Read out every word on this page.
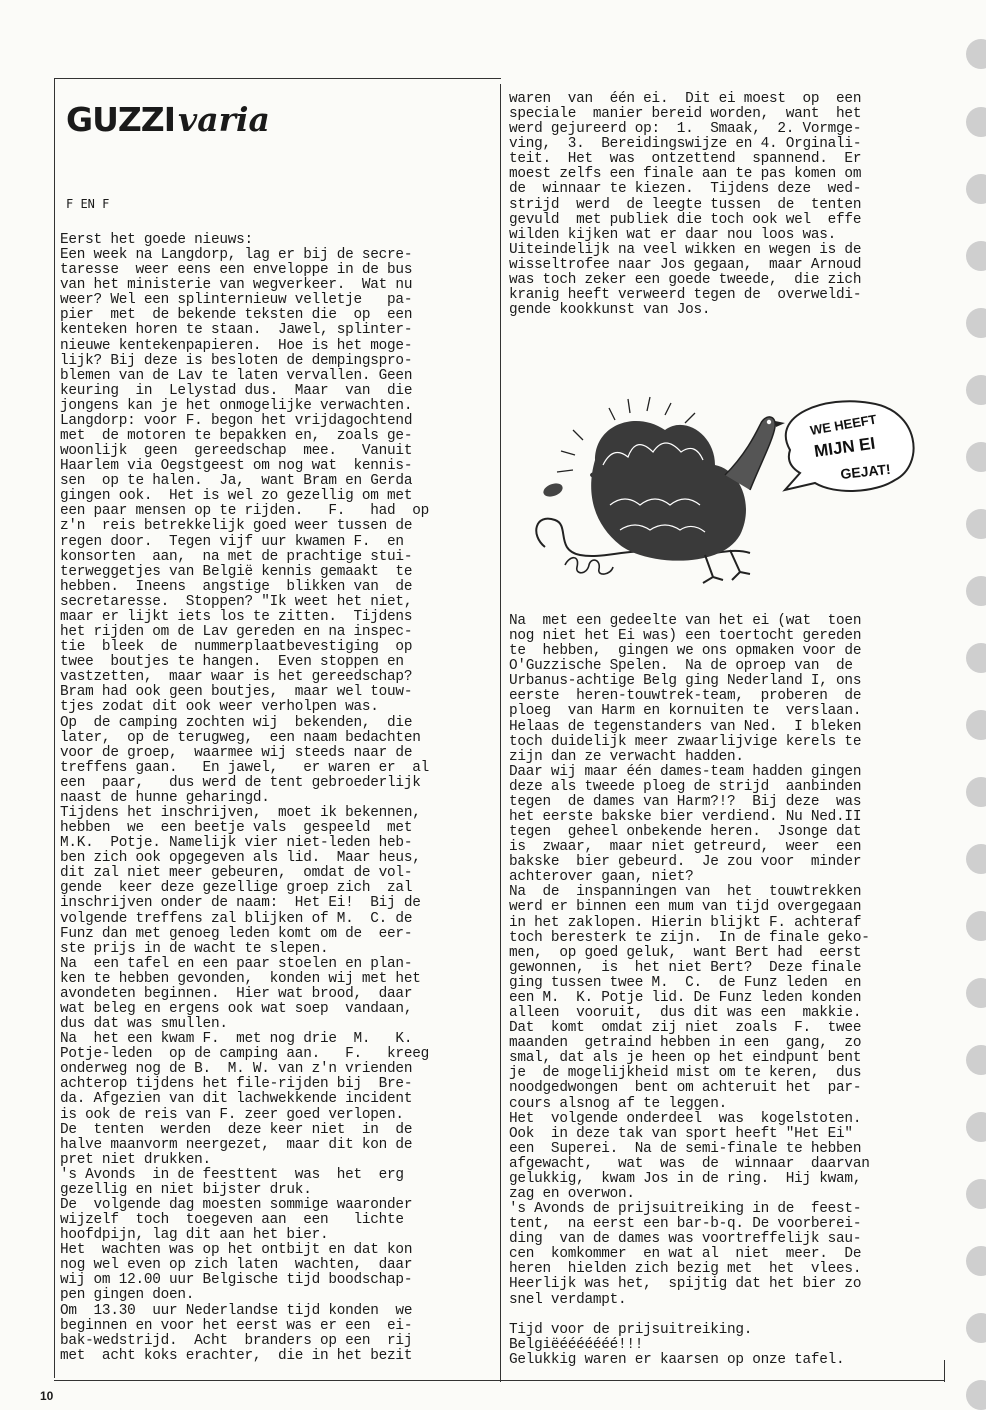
GUZZIvaria
F EN F
Eerst het goede nieuws:
Een week na Langdorp, lag er bij de secre-
taresse  weer eens een enveloppe in de bus
van het ministerie van wegverkeer.  Wat nu
weer? Wel een splinternieuw velletje   pa-
pier  met  de bekende teksten die  op  een
kenteken horen te staan.  Jawel, splinter-
nieuwe kentekenpapieren.  Hoe is het moge-
lijk? Bij deze is besloten de dempingspro-
blemen van de Lav te laten vervallen. Geen
keuring  in  Lelystad dus.  Maar  van  die
jongens kan je het onmogelijke verwachten.
Langdorp: voor F. begon het vrijdagochtend
met  de motoren te bepakken en,  zoals ge-
woonlijk  geen  gereedschap  mee.   Vanuit
Haarlem via Oegstgeest om nog wat  kennis-
sen  op te halen.  Ja,  want Bram en Gerda
gingen ook.  Het is wel zo gezellig om met
een paar mensen op te rijden.   F.   had  op
z'n  reis betrekkelijk goed weer tussen de
regen door.  Tegen vijf uur kwamen F.  en
konsorten  aan,  na met de prachtige stui-
terweggetjes van België kennis gemaakt  te
hebben.  Ineens  angstige  blikken van  de
secretaresse.  Stoppen? "Ik weet het niet,
maar er lijkt iets los te zitten.  Tijdens
het rijden om de Lav gereden en na inspec-
tie  bleek  de  nummerplaatbevestiging  op
twee  boutjes te hangen.  Even stoppen en
vastzetten,  maar waar is het gereedschap?
Bram had ook geen boutjes,  maar wel touw-
tjes zodat dit ook weer verholpen was.
Op  de camping zochten wij  bekenden,  die
later,  op de terugweg,  een naam bedachten
voor de groep,  waarmee wij steeds naar de
treffens gaan.   En jawel,   er waren er  al
een  paar,   dus werd de tent gebroederlijk
naast de hunne geharingd.
Tijdens het inschrijven,  moet ik bekennen,
hebben  we  een beetje vals  gespeeld  met
M.K.  Potje. Namelijk vier niet-leden heb-
ben zich ook opgegeven als lid.  Maar heus,
dit zal niet meer gebeuren,  omdat de vol-
gende  keer deze gezellige groep zich  zal
inschrijven onder de naam:  Het Ei!  Bij de
volgende treffens zal blijken of M.  C. de
Funz dan met genoeg leden komt om de  eer-
ste prijs in de wacht te slepen.
Na  een tafel en een paar stoelen en plan-
ken te hebben gevonden,  konden wij met het
avondeten beginnen.  Hier wat brood,  daar
wat beleg en ergens ook wat soep  vandaan,
dus dat was smullen.
Na  het een kwam F.  met nog drie  M.   K.
Potje-leden  op de camping aan.   F.   kreeg
onderweg nog de B.  M. W. van z'n vrienden
achterop tijdens het file-rijden bij  Bre-
da. Afgezien van dit lachwekkende incident
is ook de reis van F. zeer goed verlopen.
De  tenten  werden  deze keer niet  in  de
halve maanvorm neergezet,  maar dit kon de
pret niet drukken.
's Avonds  in de feesttent  was  het  erg
gezellig en niet bijster druk.
De  volgende dag moesten sommige waaronder
wijzelf  toch  toegeven aan  een   lichte
hoofdpijn, lag dit aan het bier.
Het  wachten was op het ontbijt en dat kon
nog wel even op zich laten  wachten,  daar
wij om 12.00 uur Belgische tijd boodschap-
pen gingen doen.
Om  13.30  uur Nederlandse tijd konden  we
beginnen en voor het eerst was er een  ei-
bak-wedstrijd.  Acht  branders op een  rij
met  acht koks erachter,  die in het bezit
waren  van  één ei.  Dit ei moest  op  een
speciale  manier bereid worden,  want  het
werd gejureerd op:  1.  Smaak,  2. Vormge-
ving,  3.  Bereidingswijze en 4. Orginali-
teit.  Het  was  ontzettend  spannend.  Er
moest zelfs een finale aan te pas komen om
de  winnaar te kiezen.  Tijdens deze  wed-
strijd  werd  de leegte tussen  de  tenten
gevuld  met publiek die toch ook wel  effe
wilden kijken wat er daar nou loos was.
Uiteindelijk na veel wikken en wegen is de
wisseltrofee naar Jos gegaan,  maar Arnoud
was toch zeker een goede tweede,  die zich
kranig heeft verweerd tegen de  overweldi-
gende kookkunst van Jos.
WE HEEFT
MIJN EI
GEJAT!
Na  met een gedeelte van het ei (wat  toen
nog niet het Ei was) een toertocht gereden
te  hebben,  gingen we ons opmaken voor de
O'Guzzische Spelen.  Na de oproep van  de
Urbanus-achtige Belg ging Nederland I, ons
eerste  heren-touwtrek-team,  proberen  de
ploeg  van Harm en kornuiten te  verslaan.
Helaas de tegenstanders van Ned.  I bleken
toch duidelijk meer zwaarlijvige kerels te
zijn dan ze verwacht hadden.
Daar wij maar één dames-team hadden gingen
deze als tweede ploeg de strijd  aanbinden
tegen  de dames van Harm?!?  Bij deze  was
het eerste bakske bier verdiend. Nu Ned.II
tegen  geheel onbekende heren.  Jsonge dat
is  zwaar,  maar niet getreurd,  weer  een
bakske  bier gebeurd.  Je zou voor  minder
achterover gaan, niet?
Na  de  inspanningen van  het  touwtrekken
werd er binnen een mum van tijd overgegaan
in het zaklopen. Hierin blijkt F. achteraf
toch beresterk te zijn.  In de finale geko-
men,  op goed geluk,  want Bert had  eerst
gewonnen,  is  het niet Bert?  Deze finale
ging tussen twee M.  C.  de Funz leden  en
een M.  K. Potje lid. De Funz leden konden
alleen  vooruit,  dus dit was een  makkie.
Dat  komt  omdat zij niet  zoals  F.  twee
maanden  getraind hebben in een  gang,  zo
smal, dat als je heen op het eindpunt bent
je  de mogelijkheid mist om te keren,  dus
noodgedwongen  bent om achteruit het  par-
cours alsnog af te leggen.
Het  volgende onderdeel  was  kogelstoten.
Ook  in deze tak van sport heeft "Het Ei"
een  Superei.  Na de semi-finale te hebben
afgewacht,   wat  was  de  winnaar  daarvan
gelukkig,  kwam Jos in de ring.  Hij kwam,
zag en overwon.
's Avonds de prijsuitreiking in de  feest-
tent,  na eerst een bar-b-q. De voorberei-
ding  van de dames was voortreffelijk sau-
cen  komkommer  en wat al  niet  meer.  De
heren  hielden zich bezig met  het  vlees.
Heerlijk was het,  spijtig dat het bier zo
snel verdampt.

Tijd voor de prijsuitreiking.
Belgiëééééééé!!!
Gelukkig waren er kaarsen op onze tafel.
10
